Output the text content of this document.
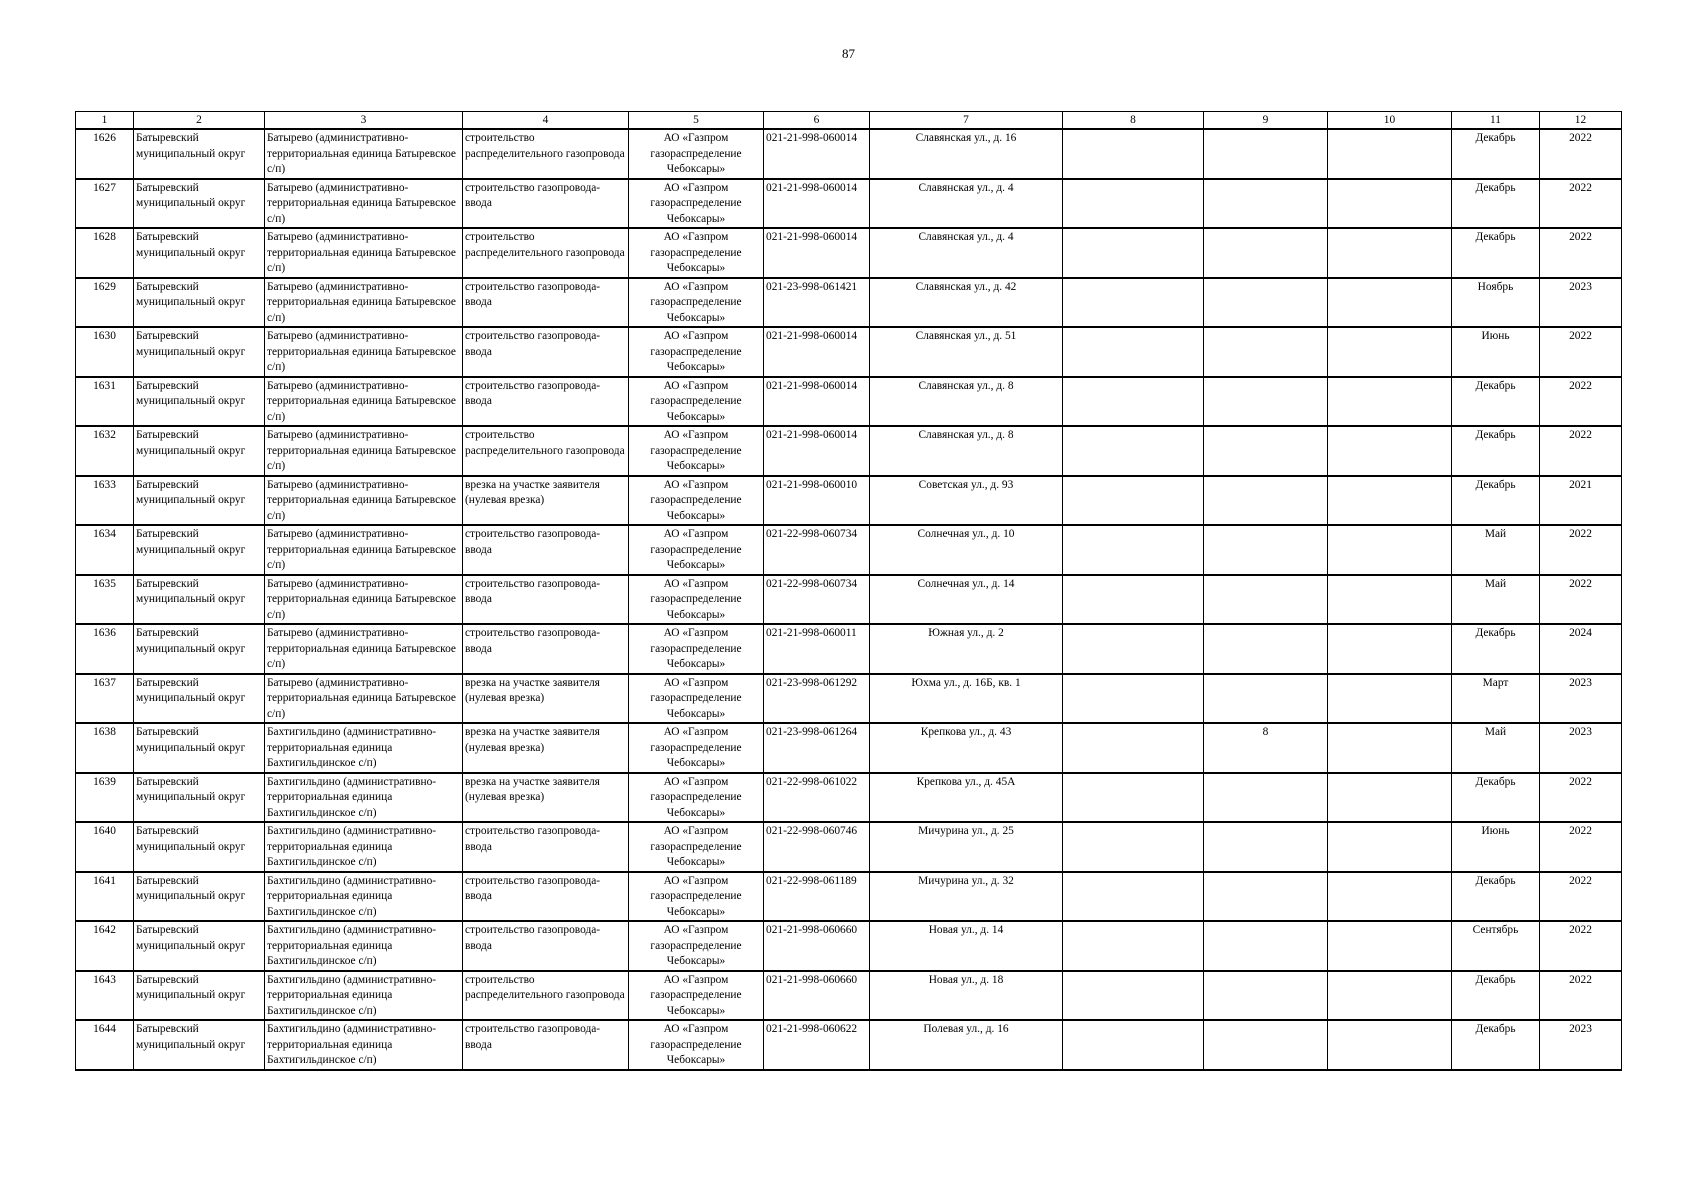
87
1	2	3	4	5	6	7	8	9	10	11	12
1626	Батыревский муниципальный округ	Батырево (административно-территориальная единица Батыревское с/п)	строительство распределительного газопровода	АО «Газпром газораспределение Чебоксары»	021-21-998-060014	Славянская ул., д. 16				Декабрь	2022
1627	Батыревский муниципальный округ	Батырево (административно-территориальная единица Батыревское с/п)	строительство газопровода-ввода	АО «Газпром газораспределение Чебоксары»	021-21-998-060014	Славянская ул., д. 4				Декабрь	2022
1628	Батыревский муниципальный округ	Батырево (административно-территориальная единица Батыревское с/п)	строительство распределительного газопровода	АО «Газпром газораспределение Чебоксары»	021-21-998-060014	Славянская ул., д. 4				Декабрь	2022
1629	Батыревский муниципальный округ	Батырево (административно-территориальная единица Батыревское с/п)	строительство газопровода-ввода	АО «Газпром газораспределение Чебоксары»	021-23-998-061421	Славянская ул., д. 42				Ноябрь	2023
1630	Батыревский муниципальный округ	Батырево (административно-территориальная единица Батыревское с/п)	строительство газопровода-ввода	АО «Газпром газораспределение Чебоксары»	021-21-998-060014	Славянская ул., д. 51				Июнь	2022
1631	Батыревский муниципальный округ	Батырево (административно-территориальная единица Батыревское с/п)	строительство газопровода-ввода	АО «Газпром газораспределение Чебоксары»	021-21-998-060014	Славянская ул., д. 8				Декабрь	2022
1632	Батыревский муниципальный округ	Батырево (административно-территориальная единица Батыревское с/п)	строительство распределительного газопровода	АО «Газпром газораспределение Чебоксары»	021-21-998-060014	Славянская ул., д. 8				Декабрь	2022
1633	Батыревский муниципальный округ	Батырево (административно-территориальная единица Батыревское с/п)	врезка на участке заявителя (нулевая врезка)	АО «Газпром газораспределение Чебоксары»	021-21-998-060010	Советская ул., д. 93				Декабрь	2021
1634	Батыревский муниципальный округ	Батырево (административно-территориальная единица Батыревское с/п)	строительство газопровода-ввода	АО «Газпром газораспределение Чебоксары»	021-22-998-060734	Солнечная ул., д. 10				Май	2022
1635	Батыревский муниципальный округ	Батырево (административно-территориальная единица Батыревское с/п)	строительство газопровода-ввода	АО «Газпром газораспределение Чебоксары»	021-22-998-060734	Солнечная ул., д. 14				Май	2022
1636	Батыревский муниципальный округ	Батырево (административно-территориальная единица Батыревское с/п)	строительство газопровода-ввода	АО «Газпром газораспределение Чебоксары»	021-21-998-060011	Южная ул., д. 2				Декабрь	2024
1637	Батыревский муниципальный округ	Батырево (административно-территориальная единица Батыревское с/п)	врезка на участке заявителя (нулевая врезка)	АО «Газпром газораспределение Чебоксары»	021-23-998-061292	Юхма ул., д. 16Б, кв. 1				Март	2023
1638	Батыревский муниципальный округ	Бахтигильдино (административно-территориальная единица Бахтигильдинское с/п)	врезка на участке заявителя (нулевая врезка)	АО «Газпром газораспределение Чебоксары»	021-23-998-061264	Крепкова ул., д. 43		8		Май	2023
1639	Батыревский муниципальный округ	Бахтигильдино (административно-территориальная единица Бахтигильдинское с/п)	врезка на участке заявителя (нулевая врезка)	АО «Газпром газораспределение Чебоксары»	021-22-998-061022	Крепкова ул., д. 45А				Декабрь	2022
1640	Батыревский муниципальный округ	Бахтигильдино (административно-территориальная единица Бахтигильдинское с/п)	строительство газопровода-ввода	АО «Газпром газораспределение Чебоксары»	021-22-998-060746	Мичурина ул., д. 25				Июнь	2022
1641	Батыревский муниципальный округ	Бахтигильдино (административно-территориальная единица Бахтигильдинское с/п)	строительство газопровода-ввода	АО «Газпром газораспределение Чебоксары»	021-22-998-061189	Мичурина ул., д. 32				Декабрь	2022
1642	Батыревский муниципальный округ	Бахтигильдино (административно-территориальная единица Бахтигильдинское с/п)	строительство газопровода-ввода	АО «Газпром газораспределение Чебоксары»	021-21-998-060660	Новая ул., д. 14				Сентябрь	2022
1643	Батыревский муниципальный округ	Бахтигильдино (административно-территориальная единица Бахтигильдинское с/п)	строительство распределительного газопровода	АО «Газпром газораспределение Чебоксары»	021-21-998-060660	Новая ул., д. 18				Декабрь	2022
1644	Батыревский муниципальный округ	Бахтигильдино (административно-территориальная единица Бахтигильдинское с/п)	строительство газопровода-ввода	АО «Газпром газораспределение Чебоксары»	021-21-998-060622	Полевая ул., д. 16				Декабрь	2023
